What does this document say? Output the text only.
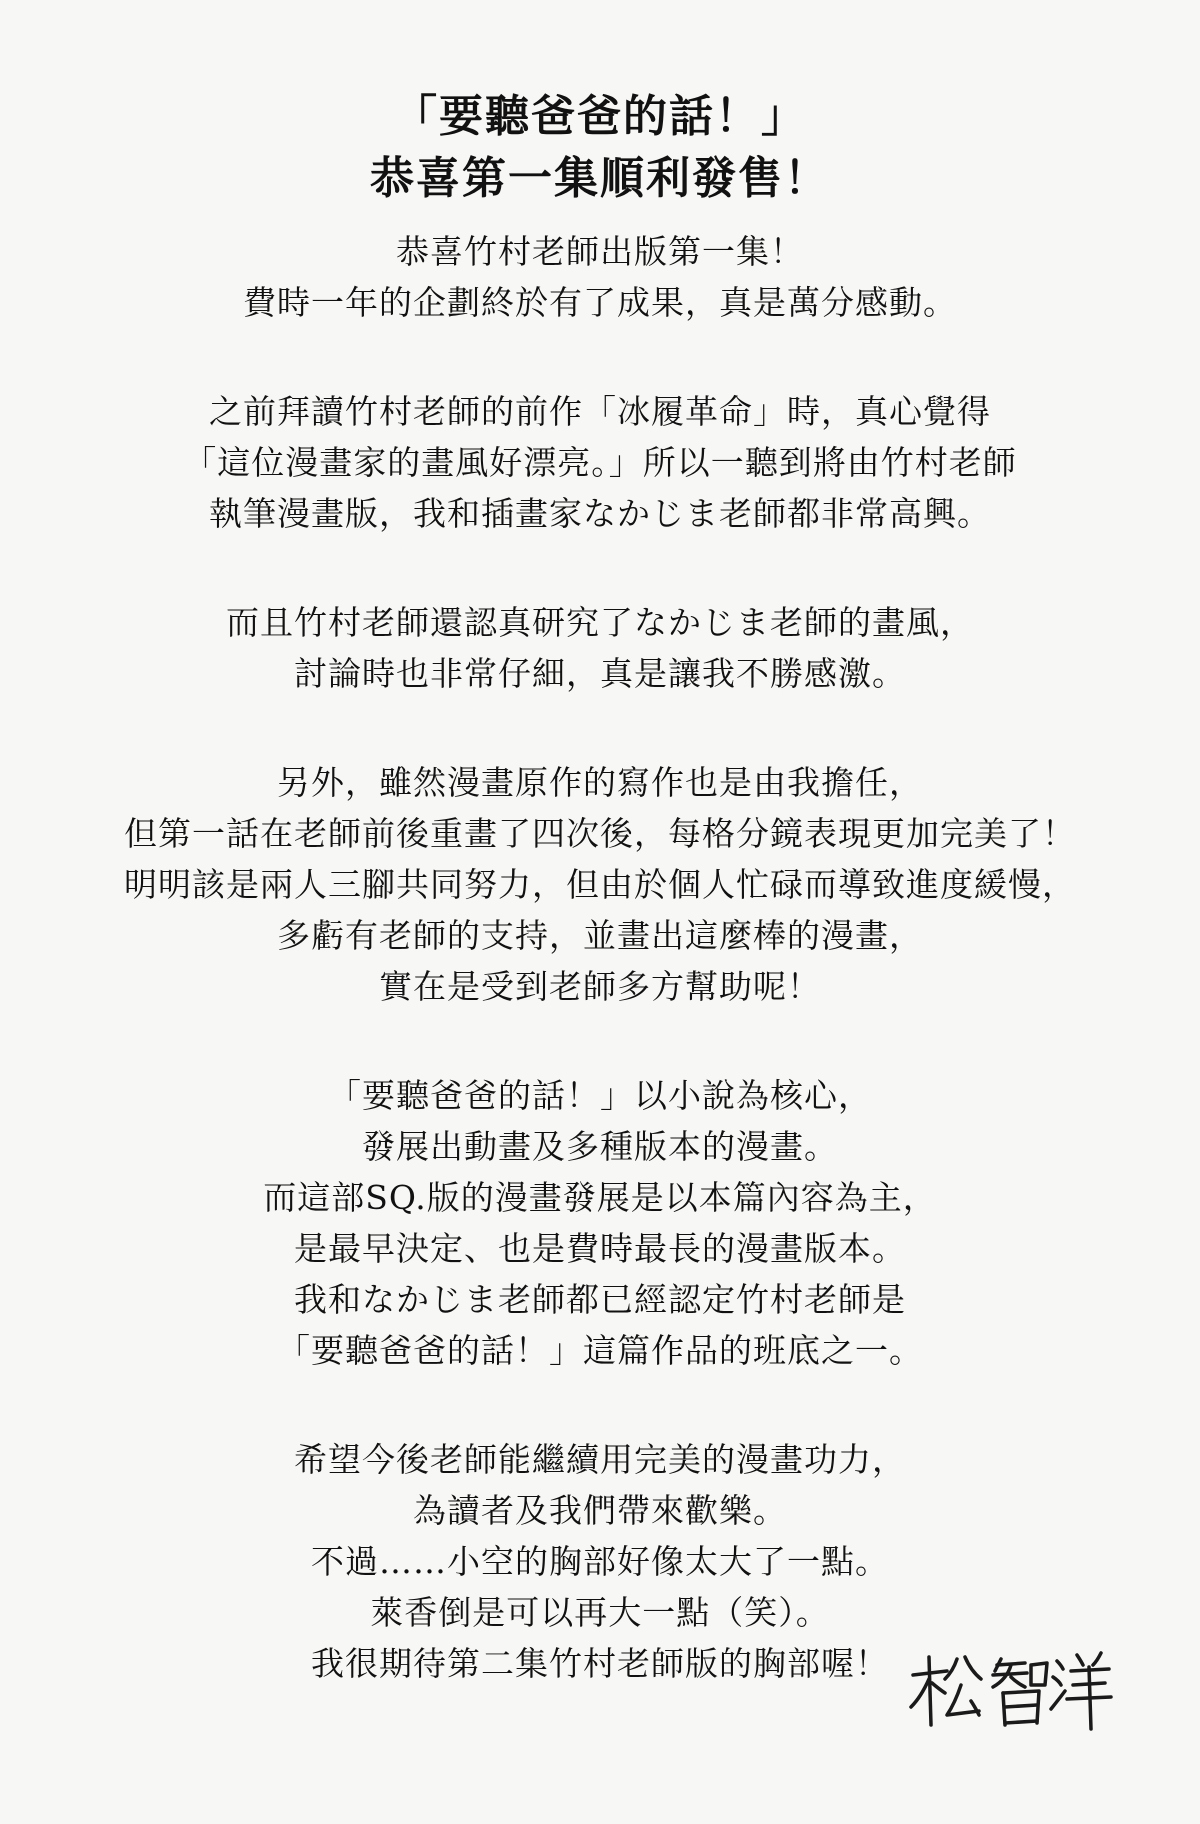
「要聽爸爸的話！」
恭喜第一集順利發售！
恭喜竹村老師出版第一集！
費時一年的企劃終於有了成果，真是萬分感動。
之前拜讀竹村老師的前作「冰履革命」時，真心覺得
「這位漫畫家的畫風好漂亮。」所以一聽到將由竹村老師
執筆漫畫版，我和插畫家なかじま老師都非常高興。
而且竹村老師還認真研究了なかじま老師的畫風，
討論時也非常仔細，真是讓我不勝感激。
另外，雖然漫畫原作的寫作也是由我擔任，
但第一話在老師前後重畫了四次後，每格分鏡表現更加完美了！
明明該是兩人三腳共同努力，但由於個人忙碌而導致進度緩慢，
多虧有老師的支持，並畫出這麼棒的漫畫，
實在是受到老師多方幫助呢！
「要聽爸爸的話！」以小說為核心，
發展出動畫及多種版本的漫畫。
而這部SQ.版的漫畫發展是以本篇內容為主，
是最早決定、也是費時最長的漫畫版本。
我和なかじま老師都已經認定竹村老師是
「要聽爸爸的話！」這篇作品的班底之一。
希望今後老師能繼續用完美的漫畫功力，
為讀者及我們帶來歡樂。
不過……小空的胸部好像太大了一點。
萊香倒是可以再大一點（笑）。
我很期待第二集竹村老師版的胸部喔！
